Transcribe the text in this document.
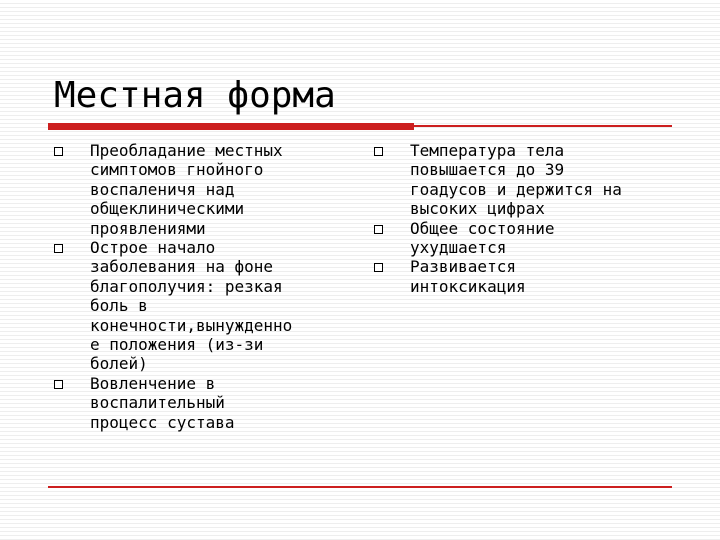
Местная форма
Преобладание местных
симптомов гнойного
воспаленичя над
общеклиническими
проявлениями
Острое начало
заболевания на фоне
благополучия: резкая
боль в
конечности,вынужденно
е положения (из-зи
болей)
Вовленчение в
воспалительный
процесс сустава
Температура тела
повышается до 39
гоадусов и держится на
высоких цифрах
Общее состояние
ухудшается
Развивается
интоксикация
